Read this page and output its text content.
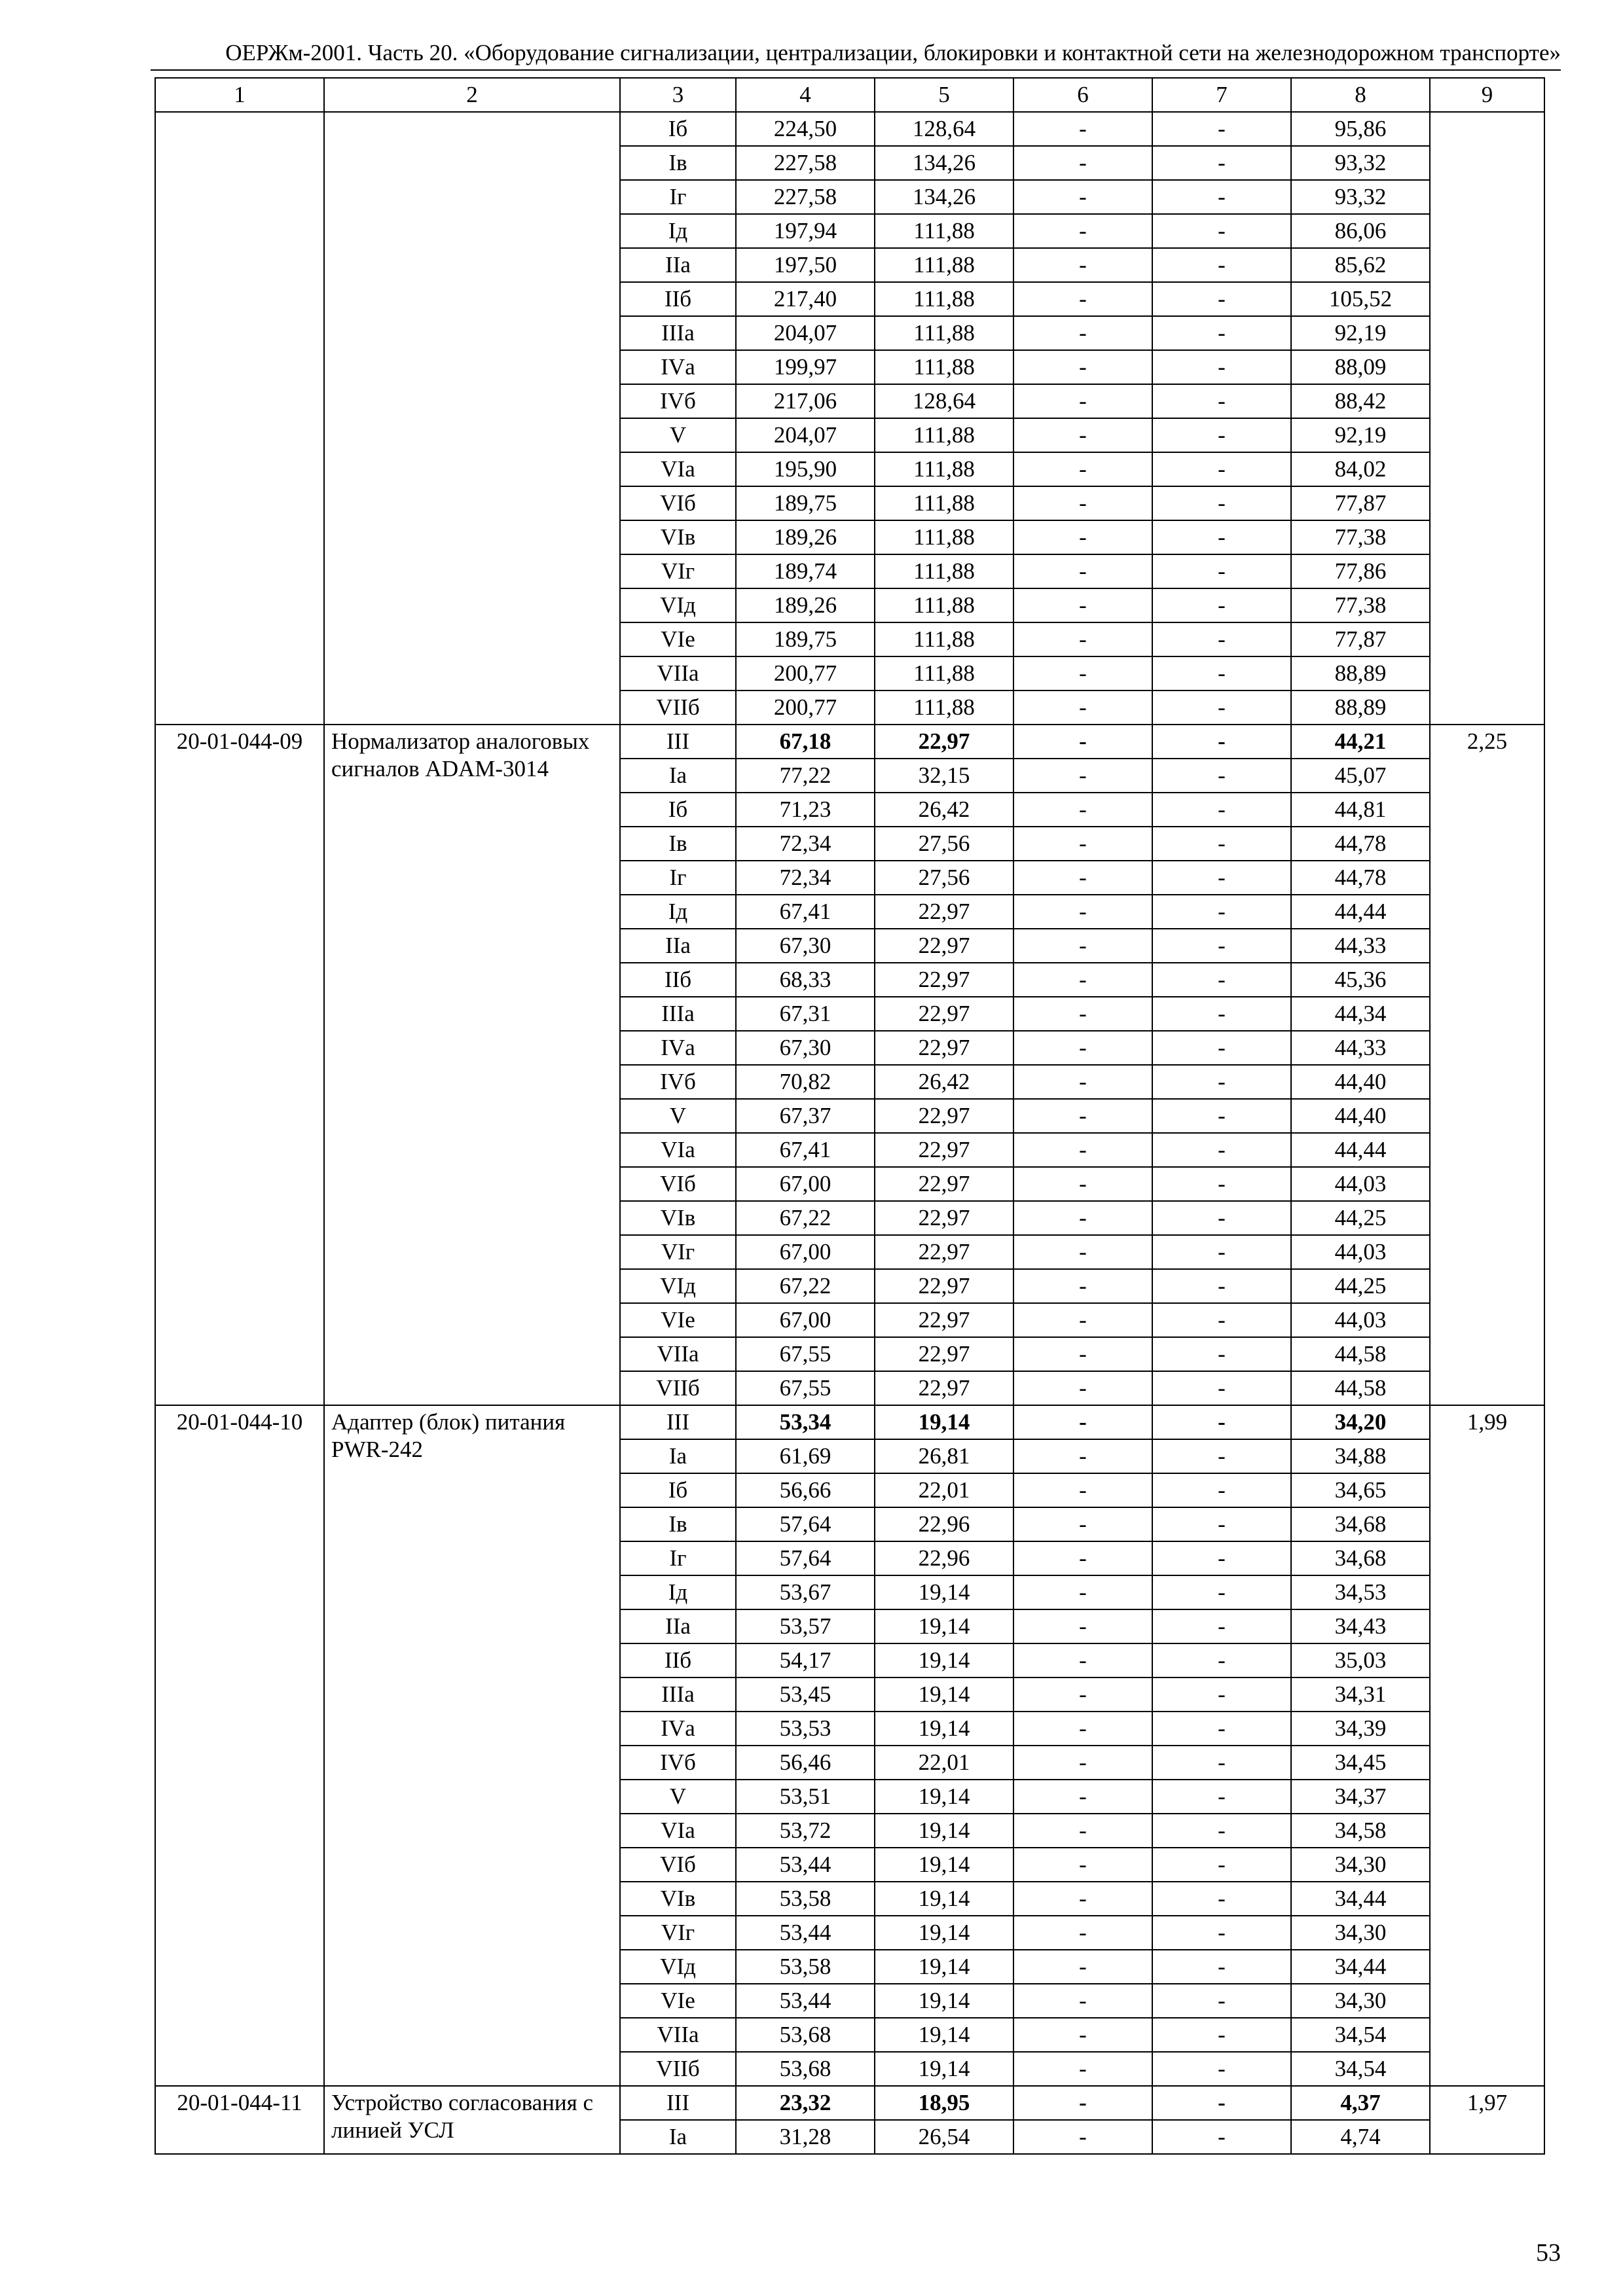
ОЕРЖм-2001. Часть 20. «Оборудование сигнализации, централизации, блокировки и контактной сети на железнодорожном транспорте»
1	2	3	4	5	6	7	8	9
		Iб	224,50	128,64	-	-	95,86	
		Iв	227,58	134,26	-	-	93,32	
		Iг	227,58	134,26	-	-	93,32	
		Iд	197,94	111,88	-	-	86,06	
		IIа	197,50	111,88	-	-	85,62	
		IIб	217,40	111,88	-	-	105,52	
		IIIа	204,07	111,88	-	-	92,19	
		IVа	199,97	111,88	-	-	88,09	
		IVб	217,06	128,64	-	-	88,42	
		V	204,07	111,88	-	-	92,19	
		VIа	195,90	111,88	-	-	84,02	
		VIб	189,75	111,88	-	-	77,87	
		VIв	189,26	111,88	-	-	77,38	
		VIг	189,74	111,88	-	-	77,86	
		VIд	189,26	111,88	-	-	77,38	
		VIе	189,75	111,88	-	-	77,87	
		VIIа	200,77	111,88	-	-	88,89	
		VIIб	200,77	111,88	-	-	88,89	
20-01-044-09	Нормализатор аналоговых сигналов ADAM-3014	III	67,18	22,97	-	-	44,21	2,25
		Iа	77,22	32,15	-	-	45,07	
		Iб	71,23	26,42	-	-	44,81	
		Iв	72,34	27,56	-	-	44,78	
		Iг	72,34	27,56	-	-	44,78	
		Iд	67,41	22,97	-	-	44,44	
		IIа	67,30	22,97	-	-	44,33	
		IIб	68,33	22,97	-	-	45,36	
		IIIа	67,31	22,97	-	-	44,34	
		IVа	67,30	22,97	-	-	44,33	
		IVб	70,82	26,42	-	-	44,40	
		V	67,37	22,97	-	-	44,40	
		VIа	67,41	22,97	-	-	44,44	
		VIб	67,00	22,97	-	-	44,03	
		VIв	67,22	22,97	-	-	44,25	
		VIг	67,00	22,97	-	-	44,03	
		VIд	67,22	22,97	-	-	44,25	
		VIе	67,00	22,97	-	-	44,03	
		VIIа	67,55	22,97	-	-	44,58	
		VIIб	67,55	22,97	-	-	44,58	
20-01-044-10	Адаптер (блок) питания PWR-242	III	53,34	19,14	-	-	34,20	1,99
		Iа	61,69	26,81	-	-	34,88	
		Iб	56,66	22,01	-	-	34,65	
		Iв	57,64	22,96	-	-	34,68	
		Iг	57,64	22,96	-	-	34,68	
		Iд	53,67	19,14	-	-	34,53	
		IIа	53,57	19,14	-	-	34,43	
		IIб	54,17	19,14	-	-	35,03	
		IIIа	53,45	19,14	-	-	34,31	
		IVа	53,53	19,14	-	-	34,39	
		IVб	56,46	22,01	-	-	34,45	
		V	53,51	19,14	-	-	34,37	
		VIа	53,72	19,14	-	-	34,58	
		VIб	53,44	19,14	-	-	34,30	
		VIв	53,58	19,14	-	-	34,44	
		VIг	53,44	19,14	-	-	34,30	
		VIд	53,58	19,14	-	-	34,44	
		VIе	53,44	19,14	-	-	34,30	
		VIIа	53,68	19,14	-	-	34,54	
		VIIб	53,68	19,14	-	-	34,54	
20-01-044-11	Устройство согласования с линией УСЛ	III	23,32	18,95	-	-	4,37	1,97
		Iа	31,28	26,54	-	-	4,74	
53
